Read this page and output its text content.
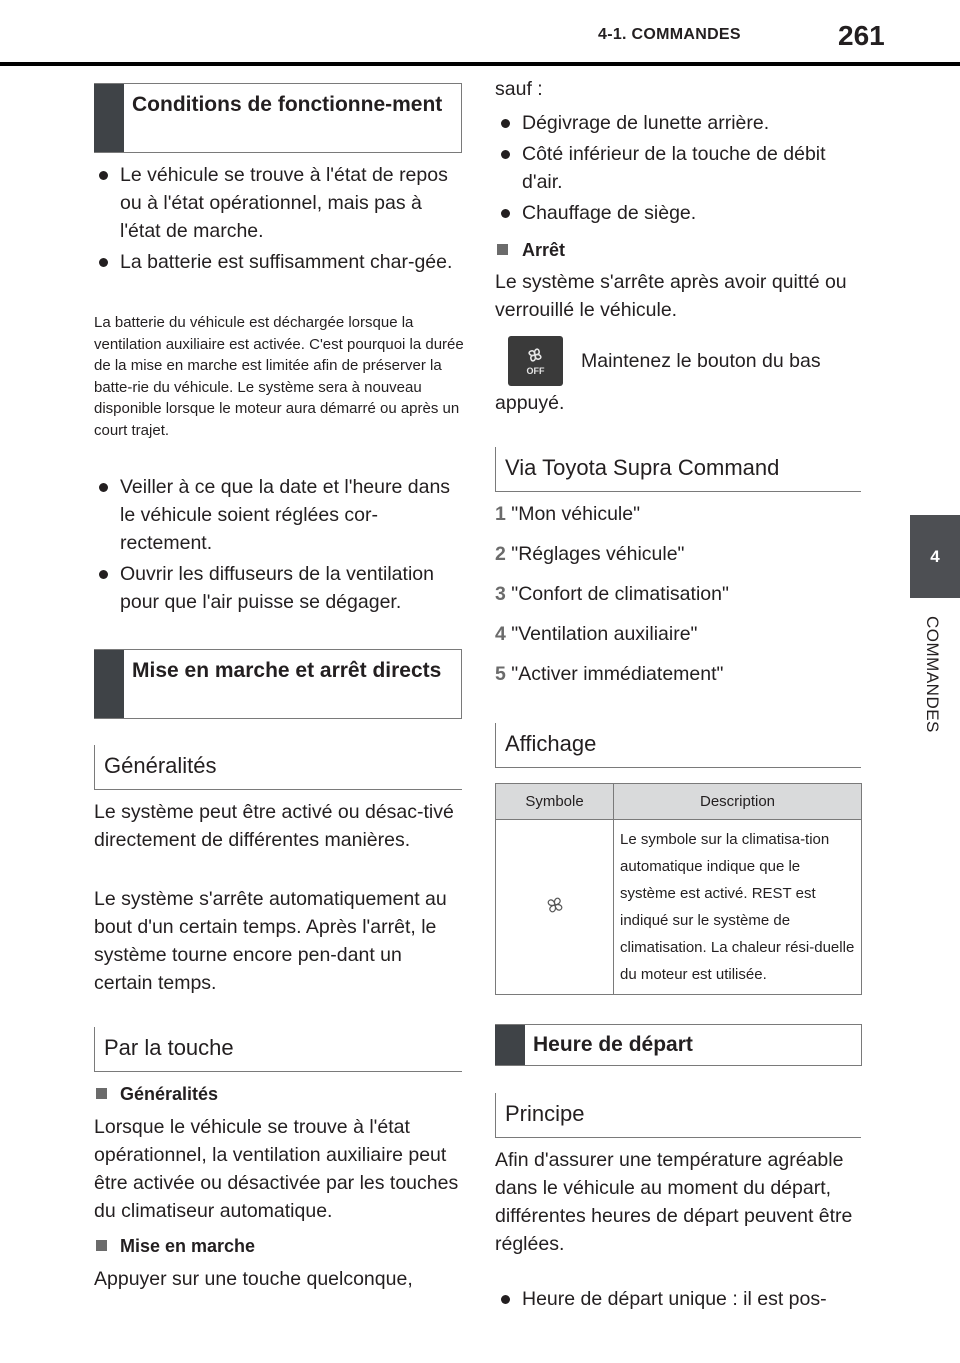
4-1. COMMANDES	261
4
COMMANDES
Conditions de fonctionne-ment
Le véhicule se trouve à l'état de repos ou à l'état opérationnel, mais pas à l'état de marche.
La batterie est suffisamment char-gée.
La batterie du véhicule est déchargée lorsque la ventilation auxiliaire est activée. C'est pourquoi la durée de la mise en marche est limitée afin de préserver la batte-rie du véhicule. Le système sera à nouveau disponible lorsque le moteur aura démarré ou après un court trajet.
Veiller à ce que la date et l'heure dans le véhicule soient réglées cor-rectement.
Ouvrir les diffuseurs de la ventilation pour que l'air puisse se dégager.
Mise en marche et arrêt directs
Généralités
Le système peut être activé ou désac-tivé directement de différentes manières.
Le système s'arrête automatiquement au bout d'un certain temps. Après l'arrêt, le système tourne encore pen-dant un certain temps.
Par la touche
Généralités
Lorsque le véhicule se trouve à l'état opérationnel, la ventilation auxiliaire peut être activée ou désactivée par les touches du climatiseur automatique.
Mise en marche
Appuyer sur une touche quelconque,
sauf :
Dégivrage de lunette arrière.
Côté inférieur de la touche de débit d'air.
Chauffage de siège.
Arrêt
Le système s'arrête après avoir quitté ou verrouillé le véhicule.
OFF	Maintenez le bouton du bas
appuyé.
Via Toyota Supra Command
1 "Mon véhicule"
2 "Réglages véhicule"
3 "Confort de climatisation"
4 "Ventilation auxiliaire"
5 "Activer immédiatement"
Affichage
Symbole	Description
	Le symbole sur la climatisa-tion automatique indique que le système est activé. REST est indiqué sur le système de climatisation. La chaleur rési-duelle du moteur est utilisée.
Heure de départ
Principe
Afin d'assurer une température agréable dans le véhicule au moment du départ, différentes heures de départ peuvent être réglées.
Heure de départ unique : il est pos-
